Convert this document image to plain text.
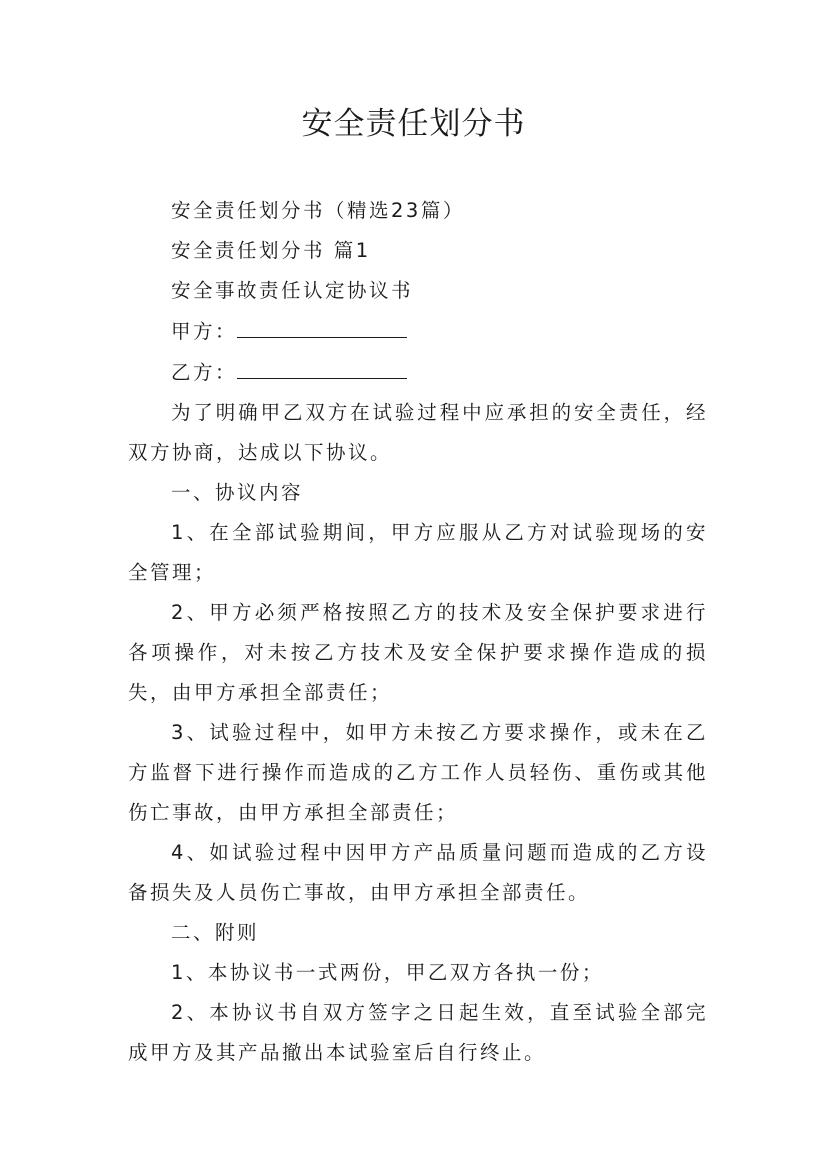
安全责任划分书

安全责任划分书（精选23篇）

安全责任划分书 篇1

安全事故责任认定协议书

甲方：

乙方：

为了明确甲乙双方在试验过程中应承担的安全责任，经双方协商，达成以下协议。

一、协议内容

1、在全部试验期间，甲方应服从乙方对试验现场的安全管理；

2、甲方必须严格按照乙方的技术及安全保护要求进行各项操作，对未按乙方技术及安全保护要求操作造成的损失，由甲方承担全部责任；

3、试验过程中，如甲方未按乙方要求操作，或未在乙方监督下进行操作而造成的乙方工作人员轻伤、重伤或其他伤亡事故，由甲方承担全部责任；

4、如试验过程中因甲方产品质量问题而造成的乙方设备损失及人员伤亡事故，由甲方承担全部责任。

二、附则

1、本协议书一式两份，甲乙双方各执一份；

2、本协议书自双方签字之日起生效，直至试验全部完成甲方及其产品撤出本试验室后自行终止。
